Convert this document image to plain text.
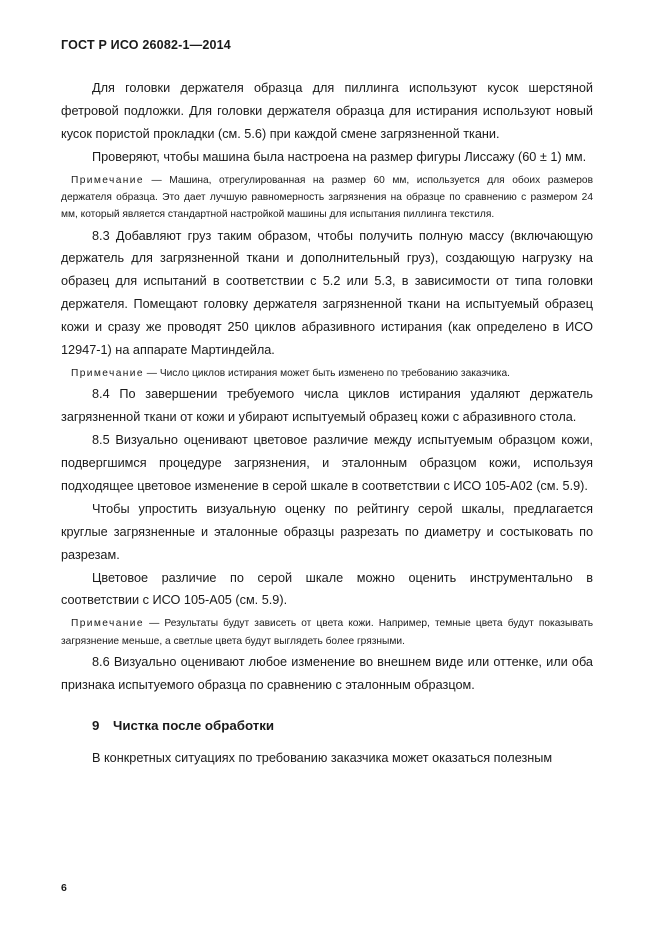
ГОСТ Р ИСО 26082-1—2014

Для головки держателя образца для пиллинга используют кусок шерстяной фетровой подложки. Для головки держателя образца для истирания используют новый кусок пористой прокладки (см. 5.6) при каждой смене загрязненной ткани.

Проверяют, чтобы машина была настроена на размер фигуры Лиссажу (60 ± 1) мм.

Примечание — Машина, отрегулированная на размер 60 мм, используется для обоих размеров держателя образца. Это дает лучшую равномерность загрязнения на образце по сравнению с размером 24 мм, который является стандартной настройкой машины для испытания пиллинга текстиля.

8.3 Добавляют груз таким образом, чтобы получить полную массу (включающую держатель для загрязненной ткани и дополнительный груз), создающую нагрузку на образец для испытаний в соответствии с 5.2 или 5.3, в зависимости от типа головки держателя. Помещают головку держателя загрязненной ткани на испытуемый образец кожи и сразу же проводят 250 циклов абразивного истирания (как определено в ИСО 12947-1) на аппарате Мартиндейла.

Примечание — Число циклов истирания может быть изменено по требованию заказчика.

8.4 По завершении требуемого числа циклов истирания удаляют держатель загрязненной ткани от кожи и убирают испытуемый образец кожи с абразивного стола.

8.5 Визуально оценивают цветовое различие между испытуемым образцом кожи, подвергшимся процедуре загрязнения, и эталонным образцом кожи, используя подходящее цветовое изменение в серой шкале в соответствии с ИСО 105-A02 (см. 5.9).

Чтобы упростить визуальную оценку по рейтингу серой шкалы, предлагается круглые загрязненные и эталонные образцы разрезать по диаметру и состыковать по разрезам.

Цветовое различие по серой шкале можно оценить инструментально в соответствии с ИСО 105-A05 (см. 5.9).

Примечание — Результаты будут зависеть от цвета кожи. Например, темные цвета будут показывать загрязнение меньше, а светлые цвета будут выглядеть более грязными.

8.6 Визуально оценивают любое изменение во внешнем виде или оттенке, или оба признака испытуемого образца по сравнению с эталонным образцом.

9 Чистка после обработки

В конкретных ситуациях по требованию заказчика может оказаться полезным

6
